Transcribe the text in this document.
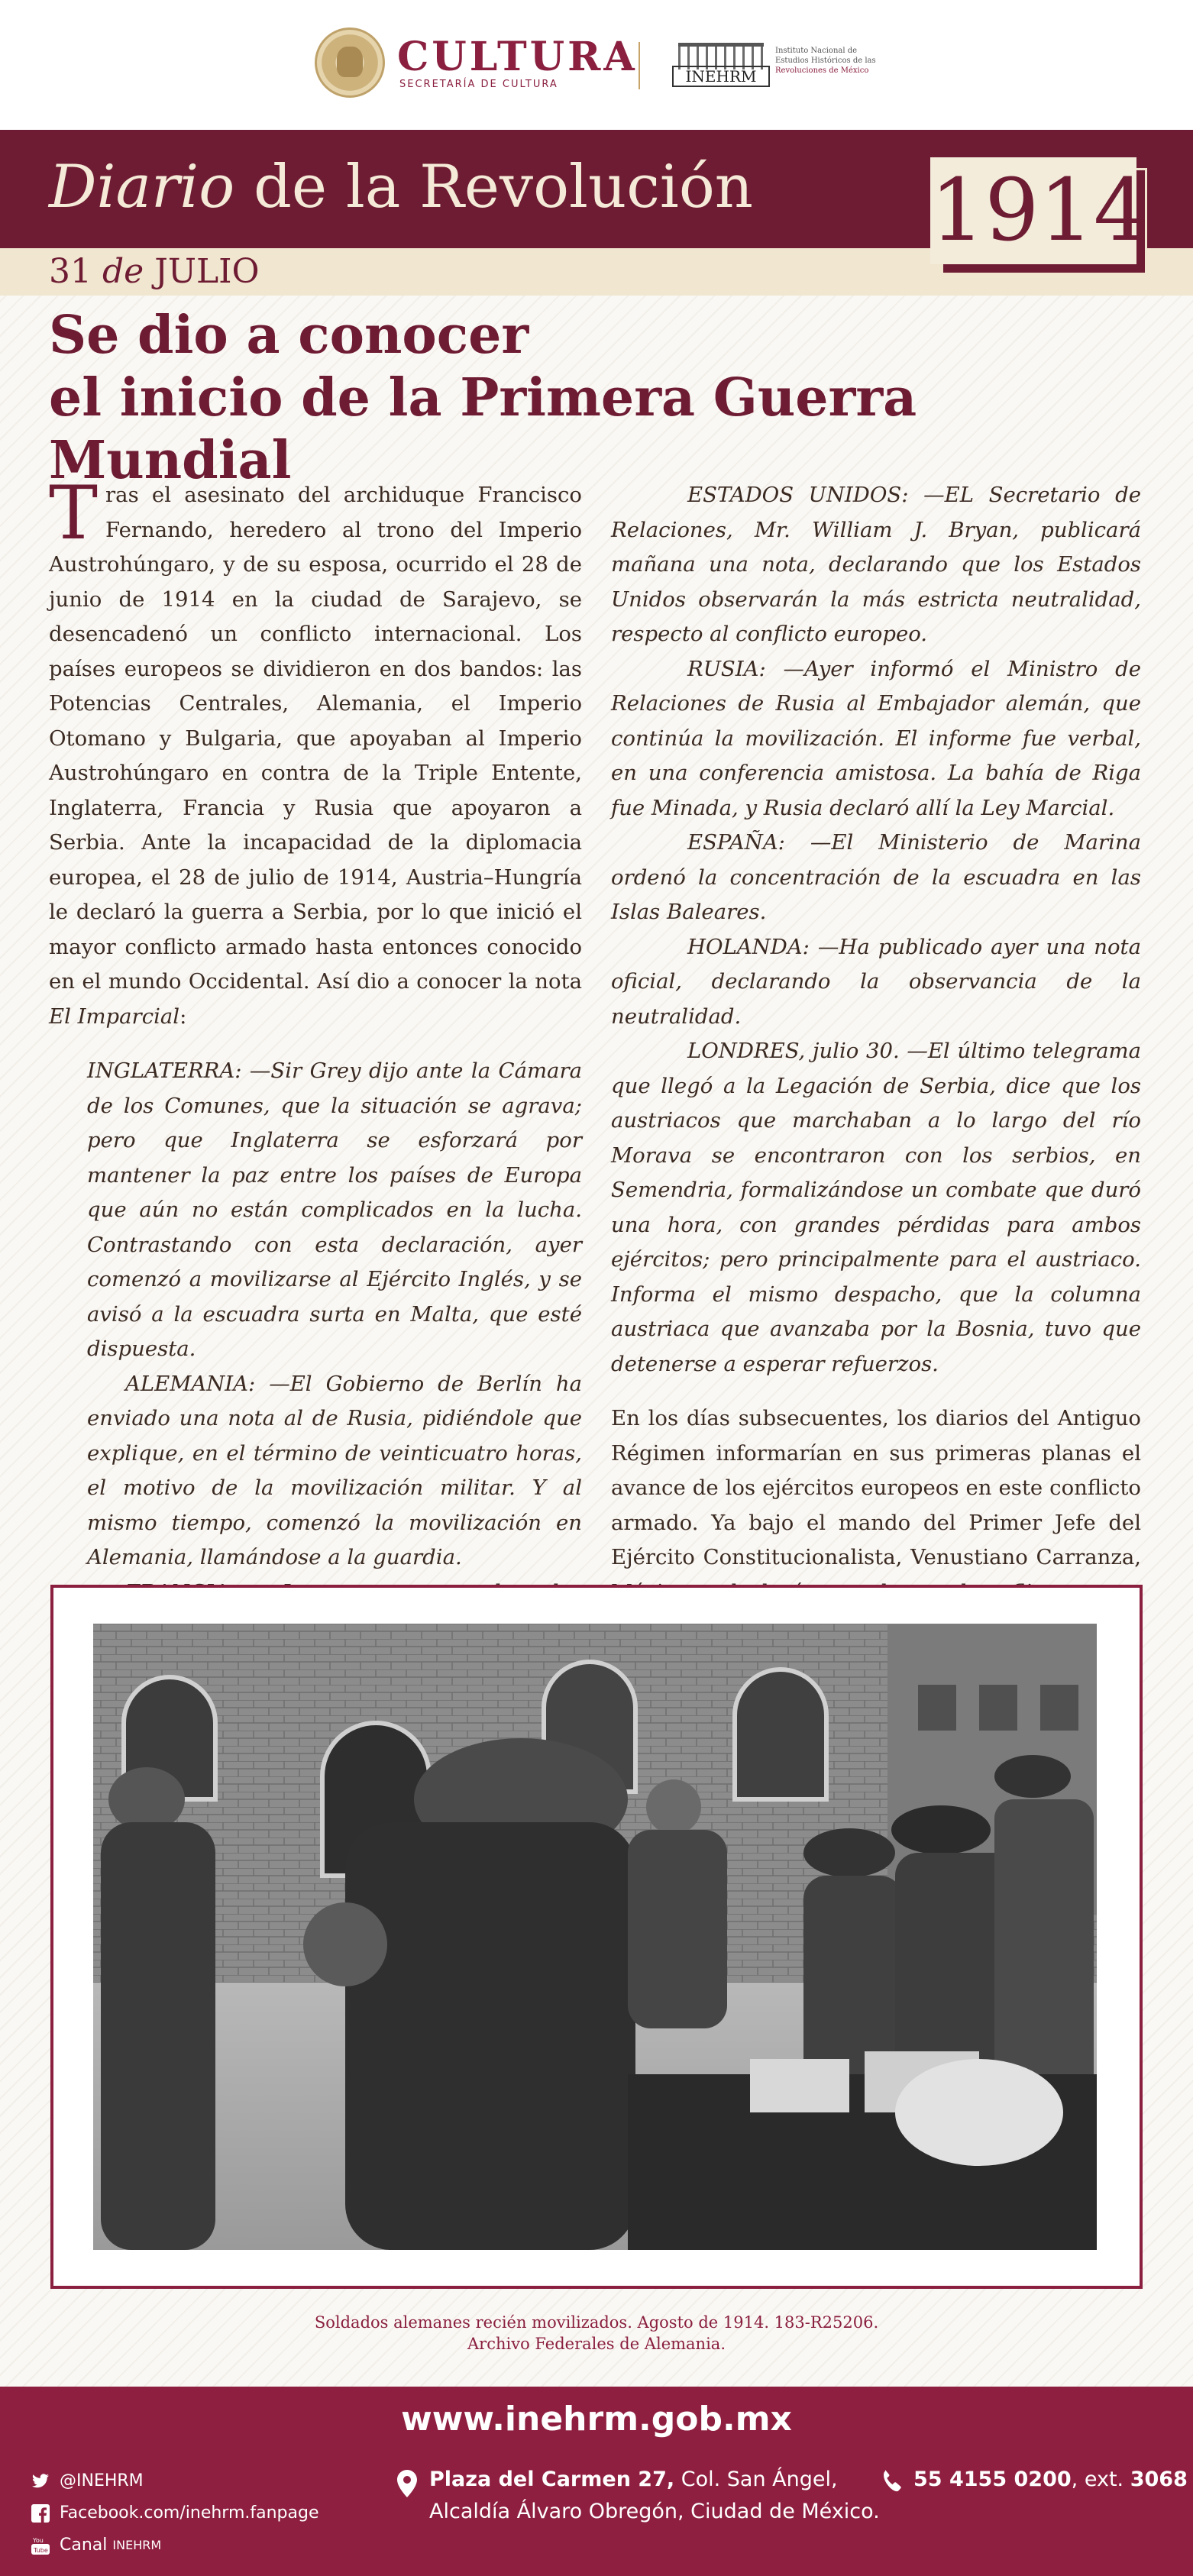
CULTURA
SECRETARÍA DE CULTURA	INEHRM
Instituto Nacional de
Estudios Históricos de las
Revoluciones de México
Diario de la Revolución
31 de JULIO
1914
Se dio a conocer
el inicio de la Primera Guerra Mundial

Tras el asesinato del archiduque Francisco Fernando, heredero al trono del Imperio Austrohúngaro, y de su esposa, ocurrido el 28 de junio de 1914 en la ciudad de Sarajevo, se desencadenó un conflicto internacional. Los países europeos se dividieron en dos bandos: las Potencias Centrales, Alemania, el Imperio Otomano y Bulgaria, que apoyaban al Imperio Austrohúngaro en contra de la Triple Entente, Inglaterra, Francia y Rusia que apoyaron a Serbia. Ante la incapacidad de la diplomacia europea, el 28 de julio de 1914, Austria–Hungría le declaró la guerra a Serbia, por lo que inició el mayor conflicto armado hasta entonces conocido en el mundo Occidental. Así dio a conocer la nota El Imparcial:

INGLATERRA: —Sir Grey dijo ante la Cámara de los Comunes, que la situación se agrava; pero que Inglaterra se esforzará por mantener la paz entre los países de Europa que aún no están complicados en la lucha. Contrastando con esta declaración, ayer comenzó a movilizarse al Ejército Inglés, y se avisó a la escuadra surta en Malta, que esté dispuesta.

ALEMANIA: —El Gobierno de Berlín ha enviado una nota al de Rusia, pidiéndole que explique, en el término de veinticuatro horas, el motivo de la movilización militar. Y al mismo tiempo, comenzó la movilización en Alemania, llamándose a la guardia.

ESTADOS UNIDOS: —EL Secretario de Relaciones, Mr. William J. Bryan, publicará mañana una nota, declarando que los Estados Unidos observarán la más estricta neutralidad, respecto al conflicto europeo.

RUSIA: —Ayer informó el Ministro de Relaciones de Rusia al Embajador alemán, que continúa la movilización. El informe fue verbal, en una conferencia amistosa. La bahía de Riga fue Minada, y Rusia declaró allí la Ley Marcial.

ESPAÑA: —El Ministerio de Marina ordenó la concentración de la escuadra en las Islas Baleares.

HOLANDA: —Ha publicado ayer una nota oficial, declarando la observancia de la neutralidad.

LONDRES, julio 30. —El último telegrama que llegó a la Legación de Serbia, dice que los austriacos que marchaban a lo largo del río Morava se encontraron con los serbios, en Semendria, formalizándose un combate que duró una hora, con grandes pérdidas para ambos ejércitos; pero principalmente para el austriaco. Informa el mismo despacho, que la columna austriaca que avanzaba por la Bosnia, tuvo que detenerse a esperar refuerzos.

En los días subsecuentes, los diarios del Antiguo Régimen informarían en sus primeras planas el avance de los ejércitos europeos en este conflicto armado. Ya bajo el mando del Primer Jefe del Ejército Constitucionalista, Venustiano Carranza,

Soldados alemanes recién movilizados. Agosto de 1914. 183-R25206.
Archivo Federales de Alemania.
www.inehrm.gob.mx
@INEHRM
Facebook.com/inehrm.fanpage
You
Tube Canal
INEHRM
Plaza del Carmen 27, Col. San Ángel,
Alcaldía Álvaro Obregón, Ciudad de México.
55 4155 0200, ext. 3068
